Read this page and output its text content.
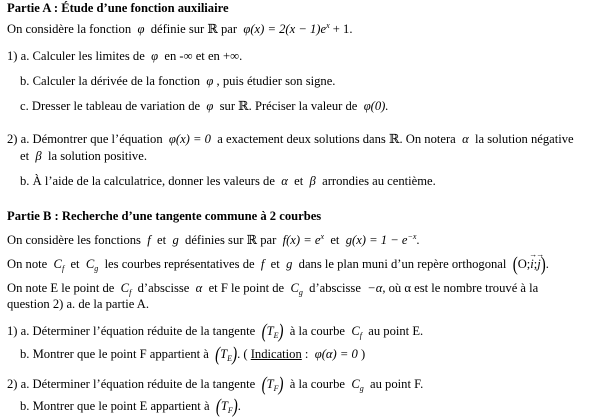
Partie A : Étude d’une fonction auxiliaire
On considère la fonction φ définie sur ℝ par $\varphi(x) = 2(x - 1)e^x + 1$.
1) a. Calculer les limites de φ en -∞ et en +∞.
b. Calculer la dérivée de la fonction φ , puis étudier son signe.
c. Dresser le tableau de variation de φ sur ℝ. Préciser la valeur de φ(0).
2) a. Démontrer que l’équation φ(x) = 0 a exactement deux solutions dans ℝ. On notera α la solution négative
et β la solution positive.
b. À l’aide de la calculatrice, donner les valeurs de α et β arrondies au centième.
Partie B : Recherche d’une tangente commune à 2 courbes
On considère les fonctions f et g définies sur ℝ par $f(x) = e^x$ et $g(x) = 1 - e^{-x}$.
On note $C_f$ et $C_g$ les courbes représentatives de f et g dans le plan muni d’un repère orthogonal (O;→ i;→ j).
On note E le point de $C_f$ d’abscisse α et F le point de $C_g$ d’abscisse −α, où α est le nombre trouvé à la
question 2) a. de la partie A.
1) a. Déterminer l’équation réduite de la tangente $(T_E)$ à la courbe $C_f$ au point E.
b. Montrer que le point F appartient à $(T_E)$. ( Indication : φ(α) = 0 )
2) a. Déterminer l’équation réduite de la tangente $(T_F)$ à la courbe $C_g$ au point F.
b. Montrer que le point E appartient à $(T_F)$.
